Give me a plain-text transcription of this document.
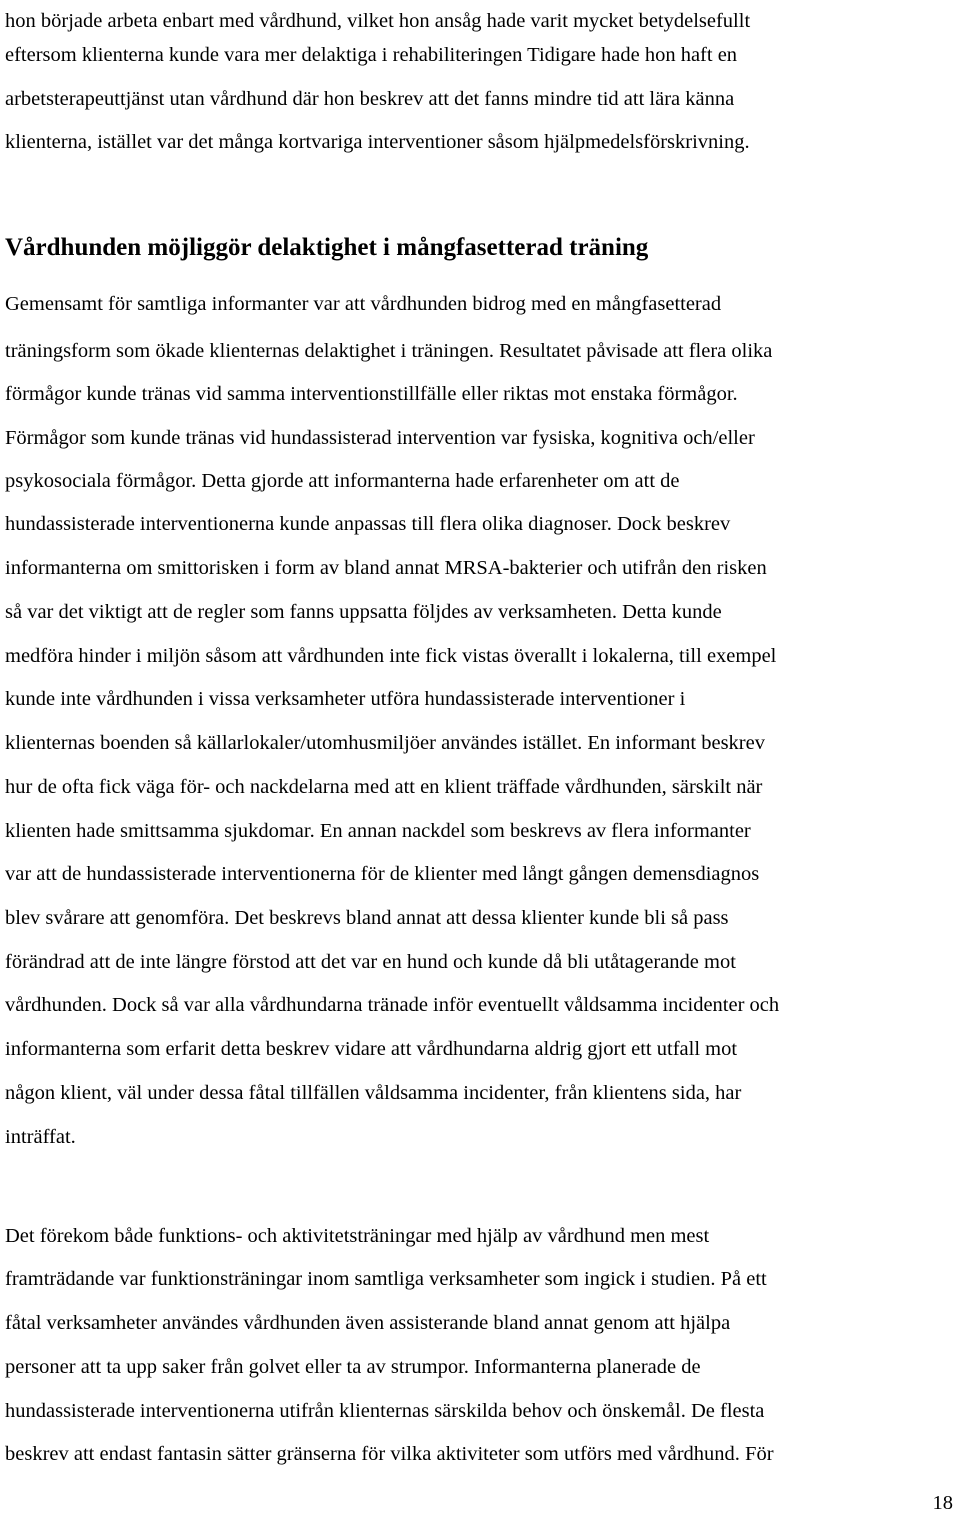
hon började arbeta enbart med vårdhund, vilket hon ansåg hade varit mycket betydelsefullt
eftersom klienterna kunde vara mer delaktiga i rehabiliteringen Tidigare hade hon haft en
arbetsterapeuttjänst utan vårdhund där hon beskrev att det fanns mindre tid att lära känna
klienterna, istället var det många kortvariga interventioner såsom hjälpmedelsförskrivning.
Vårdhunden möjliggör delaktighet i mångfasetterad träning
Gemensamt för samtliga informanter var att vårdhunden bidrog med en mångfasetterad
träningsform som ökade klienternas delaktighet i träningen. Resultatet påvisade att flera olika
förmågor kunde tränas vid samma interventionstillfälle eller riktas mot enstaka förmågor.
Förmågor som kunde tränas vid hundassisterad intervention var fysiska, kognitiva och/eller
psykosociala förmågor. Detta gjorde att informanterna hade erfarenheter om att de
hundassisterade interventionerna kunde anpassas till flera olika diagnoser. Dock beskrev
informanterna om smittorisken i form av bland annat MRSA-bakterier och utifrån den risken
så var det viktigt att de regler som fanns uppsatta följdes av verksamheten. Detta kunde
medföra hinder i miljön såsom att vårdhunden inte fick vistas överallt i lokalerna, till exempel
kunde inte vårdhunden i vissa verksamheter utföra hundassisterade interventioner i
klienternas boenden så källarlokaler/utomhusmiljöer användes istället. En informant beskrev
hur de ofta fick väga för- och nackdelarna med att en klient träffade vårdhunden, särskilt när
klienten hade smittsamma sjukdomar. En annan nackdel som beskrevs av flera informanter
var att de hundassisterade interventionerna för de klienter med långt gången demensdiagnos
blev svårare att genomföra. Det beskrevs bland annat att dessa klienter kunde bli så pass
förändrad att de inte längre förstod att det var en hund och kunde då bli utåtagerande mot
vårdhunden. Dock så var alla vårdhundarna tränade inför eventuellt våldsamma incidenter och
informanterna som erfarit detta beskrev vidare att vårdhundarna aldrig gjort ett utfall mot
någon klient, väl under dessa fåtal tillfällen våldsamma incidenter, från klientens sida, har
inträffat.
Det förekom både funktions- och aktivitetsträningar med hjälp av vårdhund men mest
framträdande var funktionsträningar inom samtliga verksamheter som ingick i studien. På ett
fåtal verksamheter användes vårdhunden även assisterande bland annat genom att hjälpa
personer att ta upp saker från golvet eller ta av strumpor. Informanterna planerade de
hundassisterade interventionerna utifrån klienternas särskilda behov och önskemål. De flesta
beskrev att endast fantasin sätter gränserna för vilka aktiviteter som utförs med vårdhund. För
18
